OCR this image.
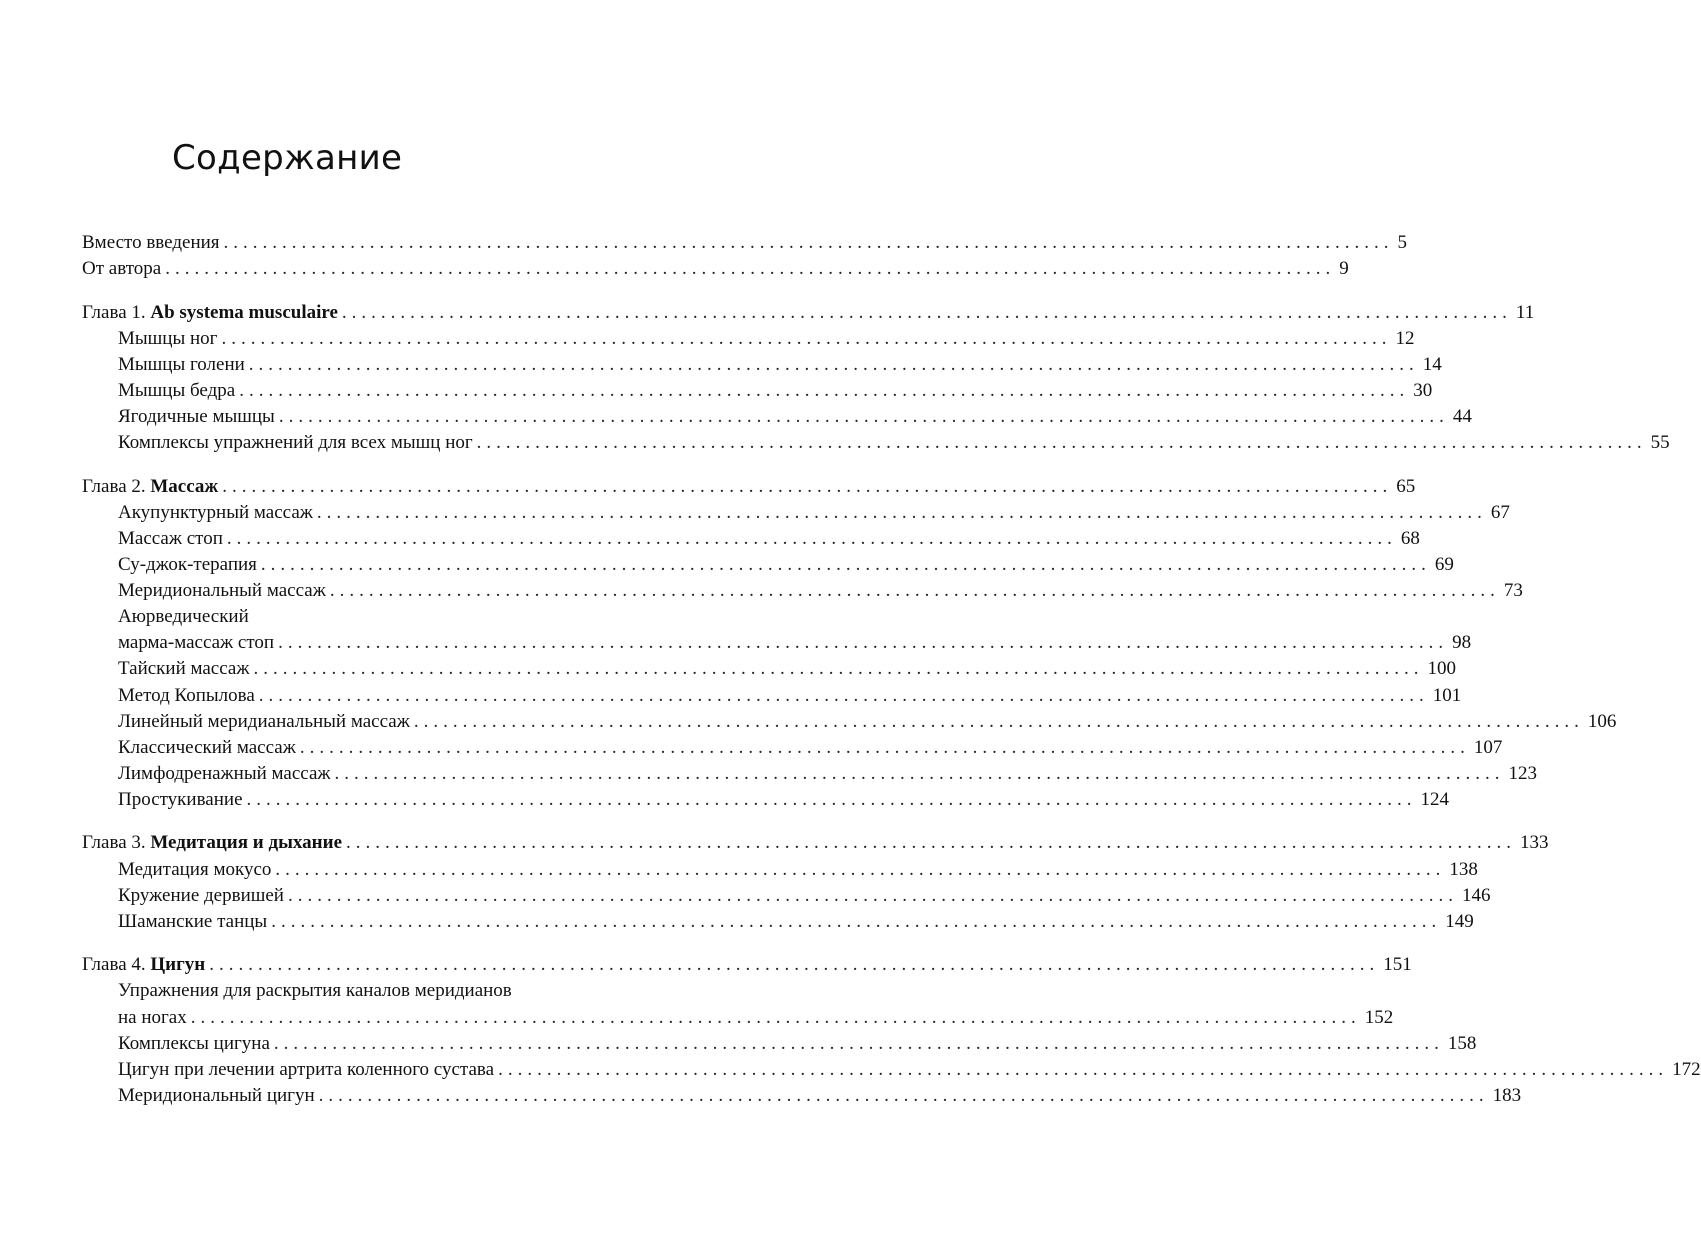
Содержание
Вместо введения ........................................................................................................................ 5
От автора ........................................................................................................................ 9
Глава 1. Ab systema musculaire ........................................................................................................................ 11
Мышцы ног ........................................................................................................................ 12
Мышцы голени ........................................................................................................................ 14
Мышцы бедра ........................................................................................................................ 30
Ягодичные мышцы ........................................................................................................................ 44
Комплексы упражнений для всех мышц ног ........................................................................................................................ 55
Глава 2. Массаж ........................................................................................................................ 65
Акупунктурный массаж ........................................................................................................................ 67
Массаж стоп ........................................................................................................................ 68
Су-джок-терапия ........................................................................................................................ 69
Меридиональный массаж ........................................................................................................................ 73
Аюрведический
марма-массаж стоп ........................................................................................................................ 98
Тайский массаж ........................................................................................................................ 100
Метод Копылова ........................................................................................................................ 101
Линейный меридианальный массаж ........................................................................................................................ 106
Классический массаж ........................................................................................................................ 107
Лимфодренажный массаж ........................................................................................................................ 123
Простукивание ........................................................................................................................ 124
Глава 3. Медитация и дыхание ........................................................................................................................ 133
Медитация мокусо ........................................................................................................................ 138
Кружение дервишей ........................................................................................................................ 146
Шаманские танцы ........................................................................................................................ 149
Глава 4. Цигун ........................................................................................................................ 151
Упражнения для раскрытия каналов меридианов
на ногах ........................................................................................................................ 152
Комплексы цигуна ........................................................................................................................ 158
Цигун при лечении артрита коленного сустава ........................................................................................................................ 172
Меридиональный цигун ........................................................................................................................ 183
